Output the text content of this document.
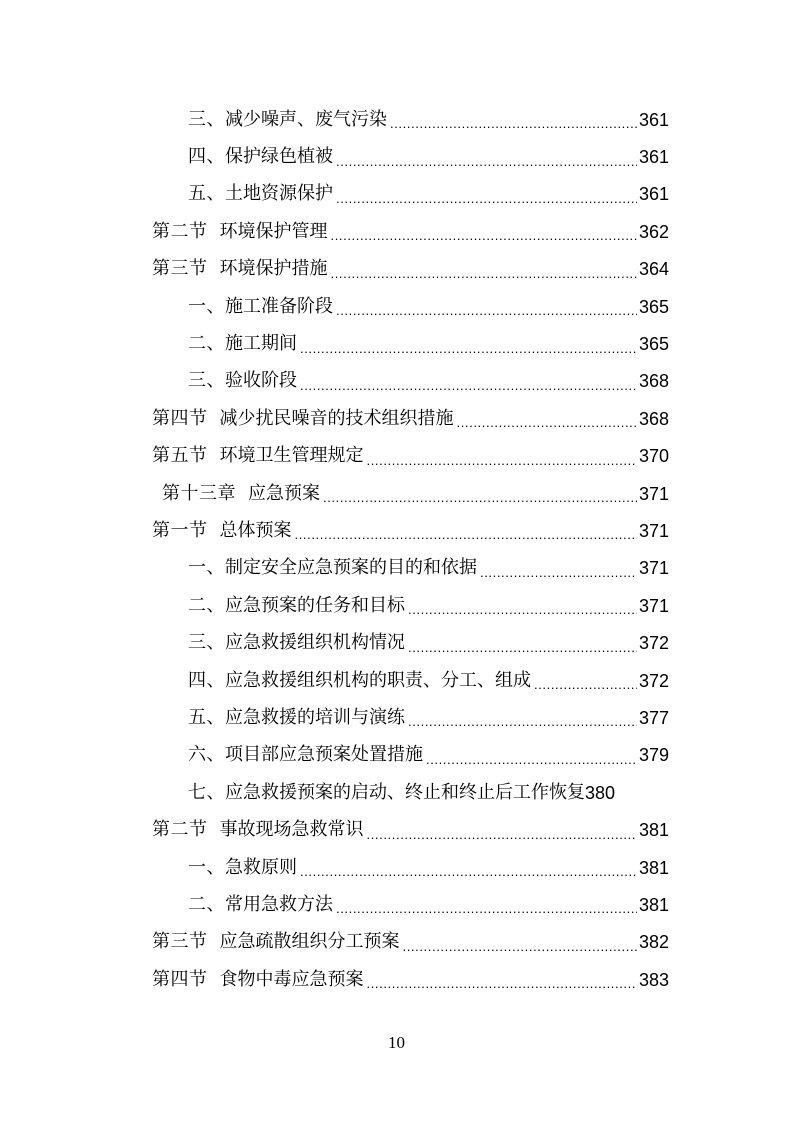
三、减少噪声、废气污染 .....	361
四、保护绿色植被 .....	361
五、土地资源保护 .....	361
第二节 环境保护管理 .....	362
第三节 环境保护措施 .....	364
一、施工准备阶段 .....	365
二、施工期间 .....	365
三、验收阶段 .....	368
第四节 减少扰民噪音的技术组织措施 .....	368
第五节 环境卫生管理规定 .....	370
第十三章 应急预案 .....	371
第一节 总体预案 .....	371
一、制定安全应急预案的目的和依据 .....	371
二、应急预案的任务和目标 .....	371
三、应急救援组织机构情况 .....	372
四、应急救援组织机构的职责、分工、组成 .....	372
五、应急救援的培训与演练 .....	377
六、项目部应急预案处置措施 .....	379
七、应急救援预案的启动、终止和终止后工作恢复 380
第二节 事故现场急救常识 .....	381
一、急救原则 .....	381
二、常用急救方法 .....	381
第三节 应急疏散组织分工预案 .....	382
第四节 食物中毒应急预案 .....	383
10
